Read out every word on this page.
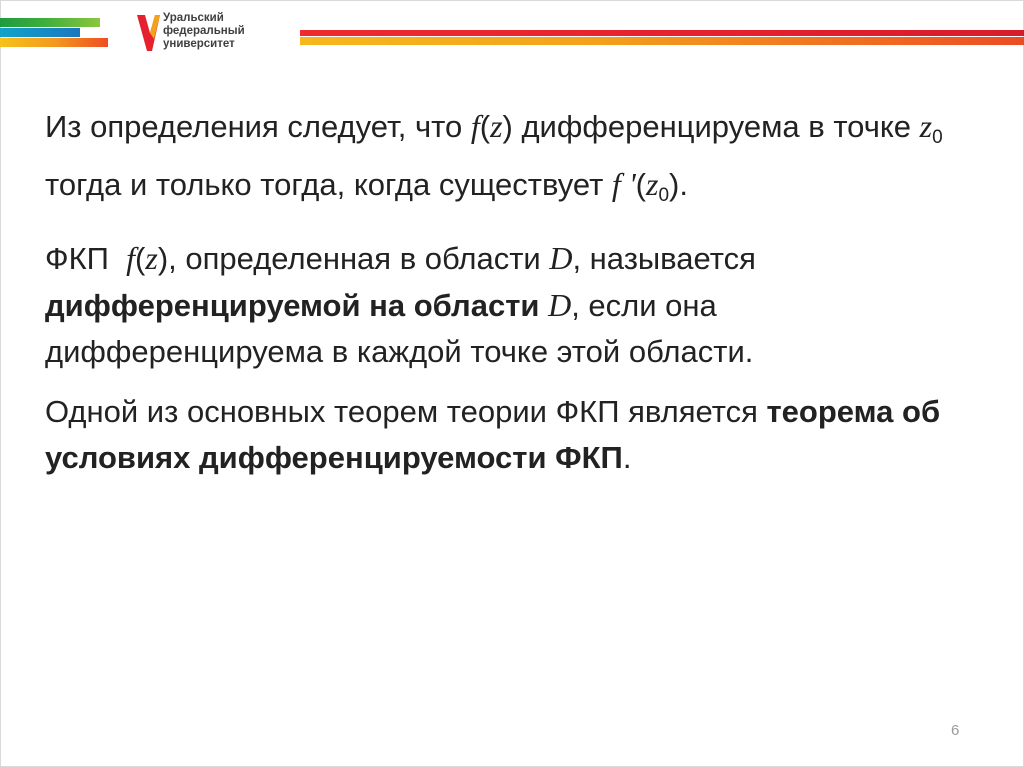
Уральский
федеральный
университет

Из определения следует, что f(z) дифференцируема в точке $z_0$ тогда и только тогда, когда существует f '$(z_0)$.

ФКП  f(z), определенная в области D, называется дифференцируемой на области D, если она дифференцируема в каждой точке этой области.

Одной из основных теорем теории ФКП является теорема об условиях дифференцируемости ФКП.

6
